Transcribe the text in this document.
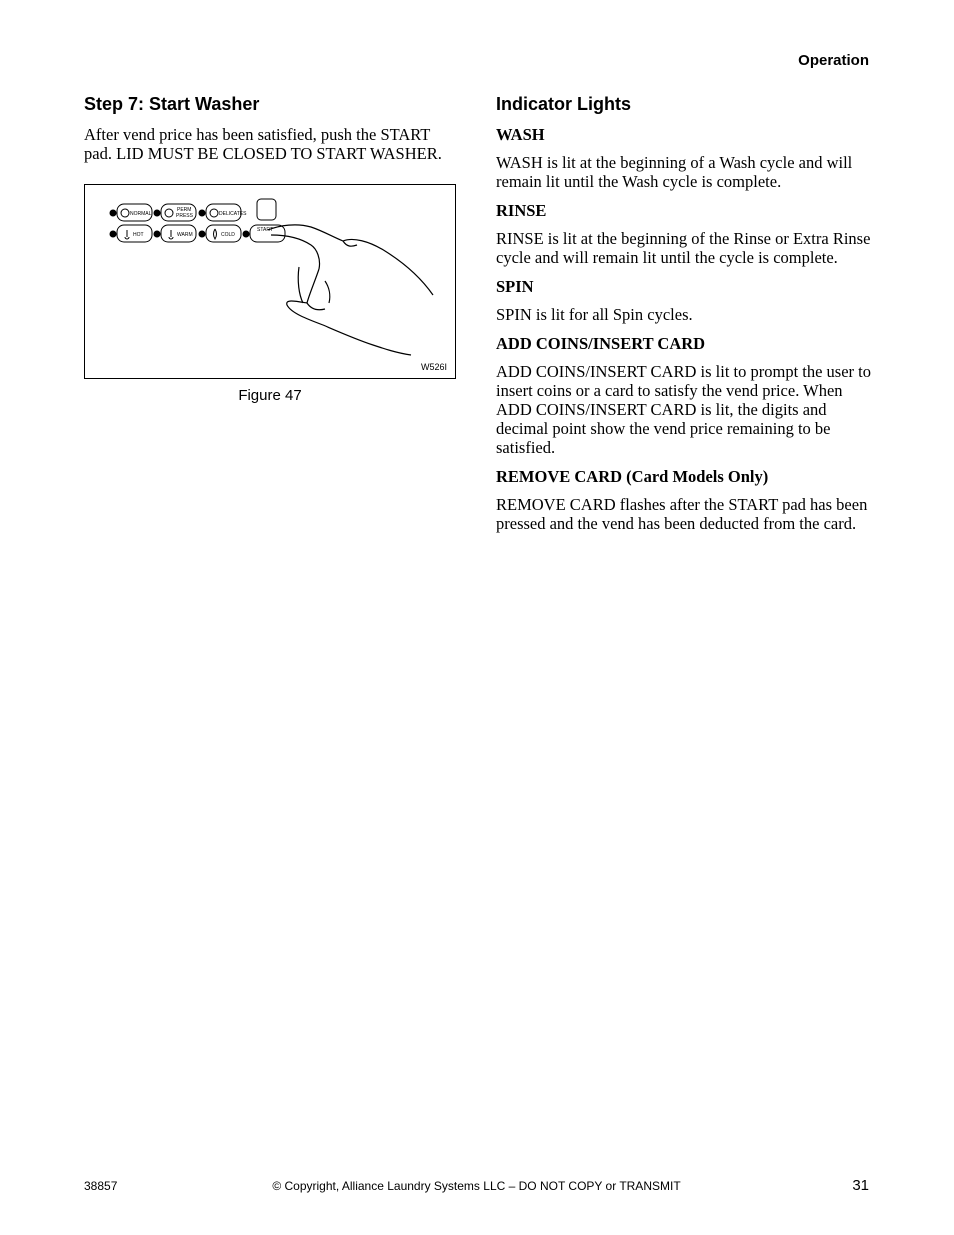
Operation
Step 7: Start Washer

After vend price has been satisfied, push the START pad. LID MUST BE CLOSED TO START WASHER.

NORMAL
PERM
PRESS	DELICATES
HOT	WARM	COLD
START
W526I
Figure 47
Indicator Lights
WASH

WASH is lit at the beginning of a Wash cycle and will remain lit until the Wash cycle is complete.

RINSE

RINSE is lit at the beginning of the Rinse or Extra Rinse cycle and will remain lit until the cycle is complete.

SPIN

SPIN is lit for all Spin cycles.

ADD COINS/INSERT CARD

ADD COINS/INSERT CARD is lit to prompt the user to insert coins or a card to satisfy the vend price. When ADD COINS/INSERT CARD is lit, the digits and decimal point show the vend price remaining to be satisfied.

REMOVE CARD (Card Models Only)

REMOVE CARD flashes after the START pad has been pressed and the vend has been deducted from the card.

38857	© Copyright, Alliance Laundry Systems LLC – DO NOT COPY or TRANSMIT	31
